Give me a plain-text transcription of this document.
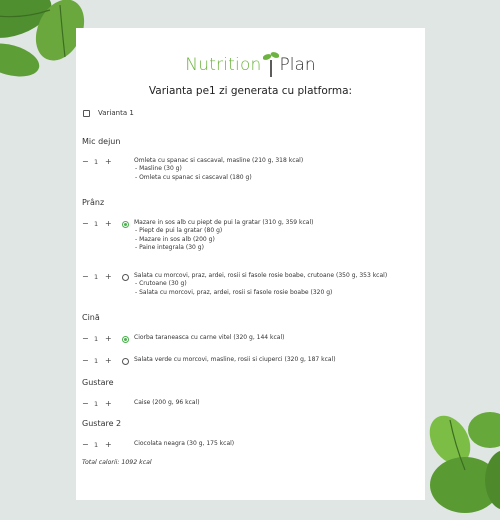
Nutrition Plan
Varianta pe1 zi generata cu platforma:
Varianta 1
Mic dejun
− 1 +	Omleta cu spanac si cascaval, masline (210 g, 318 kcal)
- Masline (30 g)
- Omleta cu spanac si cascaval (180 g)
Prânz
− 1 +	Mazare in sos alb cu piept de pui la gratar (310 g, 359 kcal)
- Piept de pui la gratar (80 g)
- Mazare in sos alb (200 g)
- Paine integrala (30 g)
− 1 +	Salata cu morcovi, praz, ardei, rosii si fasole rosie boabe, crutoane (350 g, 353 kcal)
- Crutoane (30 g)
- Salata cu morcovi, praz, ardei, rosii si fasole rosie boabe (320 g)
Cină
− 1 +	Ciorba taraneasca cu carne vitel (320 g, 144 kcal)
− 1 +	Salata verde cu morcovi, masline, rosii si ciuperci (320 g, 187 kcal)
Gustare
− 1 +	Caise (200 g, 96 kcal)
Gustare 2
− 1 +	Ciocolata neagra (30 g, 175 kcal)
Total calorii: 1092 kcal
